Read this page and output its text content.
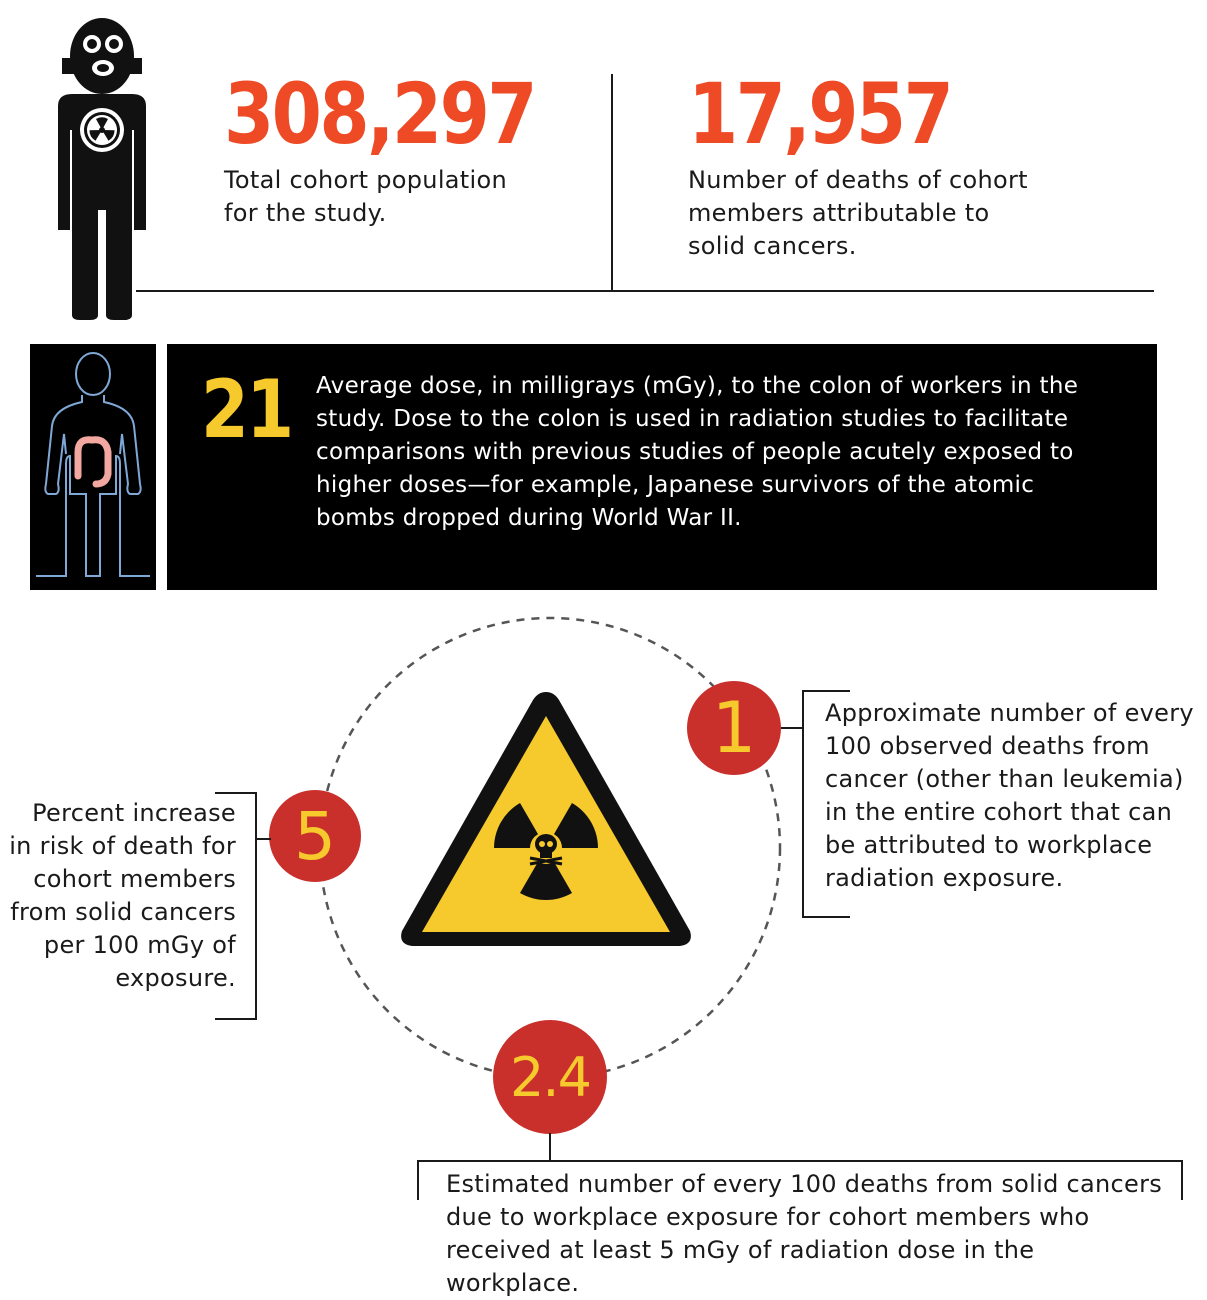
308,297
Total cohort population for the study.
17,957
Number of deaths of cohort members attributable to solid cancers.
21 Average dose, in milligrays (mGy), to the colon of workers in the study. Dose to the colon is used in radiation studies to facilitate comparisons with previous studies of people acutely exposed to higher doses—for example, Japanese survivors of the atomic bombs dropped during World War II.
1	Approximate number of every 100 observed deaths from cancer (other than leukemia) in the entire cohort that can be attributed to workplace radiation exposure.
5
Percent increase in risk of death for cohort members from solid cancers per 100 mGy of exposure.
2.4
Estimated number of every 100 deaths from solid cancers due to workplace exposure for cohort members who received at least 5 mGy of radiation dose in the workplace.
